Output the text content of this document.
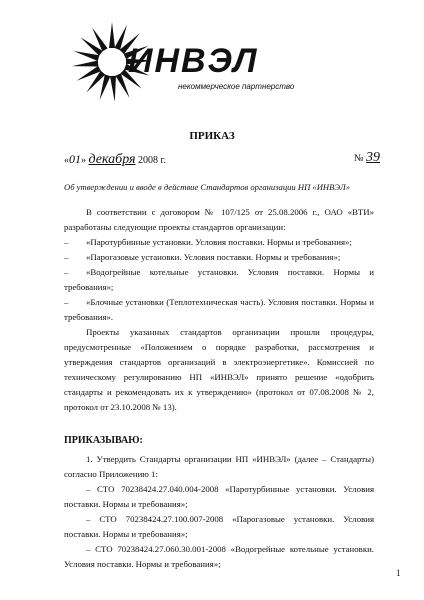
ИНВЭЛ
некоммерческое партнерство
ПРИКАЗ
«01» декабря 2008 г.	№ 39
Об утверждении и вводе в действие Стандартов организации НП «ИНВЭЛ»

В соответствии с договором № 107/125 от 25.08.2006 г., ОАО «ВТИ» разработаны следующие проекты стандартов организации:

– «Паротурбинные установки. Условия поставки. Нормы и требования»;

– «Парогазовые установки. Условия поставки. Нормы и требования»;

– «Водогрейные котельные установки. Условия поставки. Нормы и требования»;

– «Блочные установки (Теплотехническая часть). Условия поставки. Нормы и требования».

Проекты указанных стандартов организации прошли процедуры, предусмотренные «Положением о порядке разработки, рассмотрения и утверждения стандартов организаций в электроэнергетике». Комиссией по техническому регулированию НП «ИНВЭЛ» принято решение «одобрить стандарты и рекомендовать их к утверждению» (протокол от 07.08.2008 № 2, протокол от 23.10.2008 № 13).

ПРИКАЗЫВАЮ:

1. Утвердить Стандарты организации НП «ИНВЭЛ» (далее – Стандарты) согласно Приложению 1:

– СТО 70238424.27.040.004-2008 «Паротурбинные установки. Условия поставки. Нормы и требования»;

– СТО 70238424.27.100.007-2008 «Парогазовые установки. Условия поставки. Нормы и требования»;

– СТО 70238424.27.060.30.001-2008 «Водогрейные котельные установки. Условия поставки. Нормы и требования»;

1
